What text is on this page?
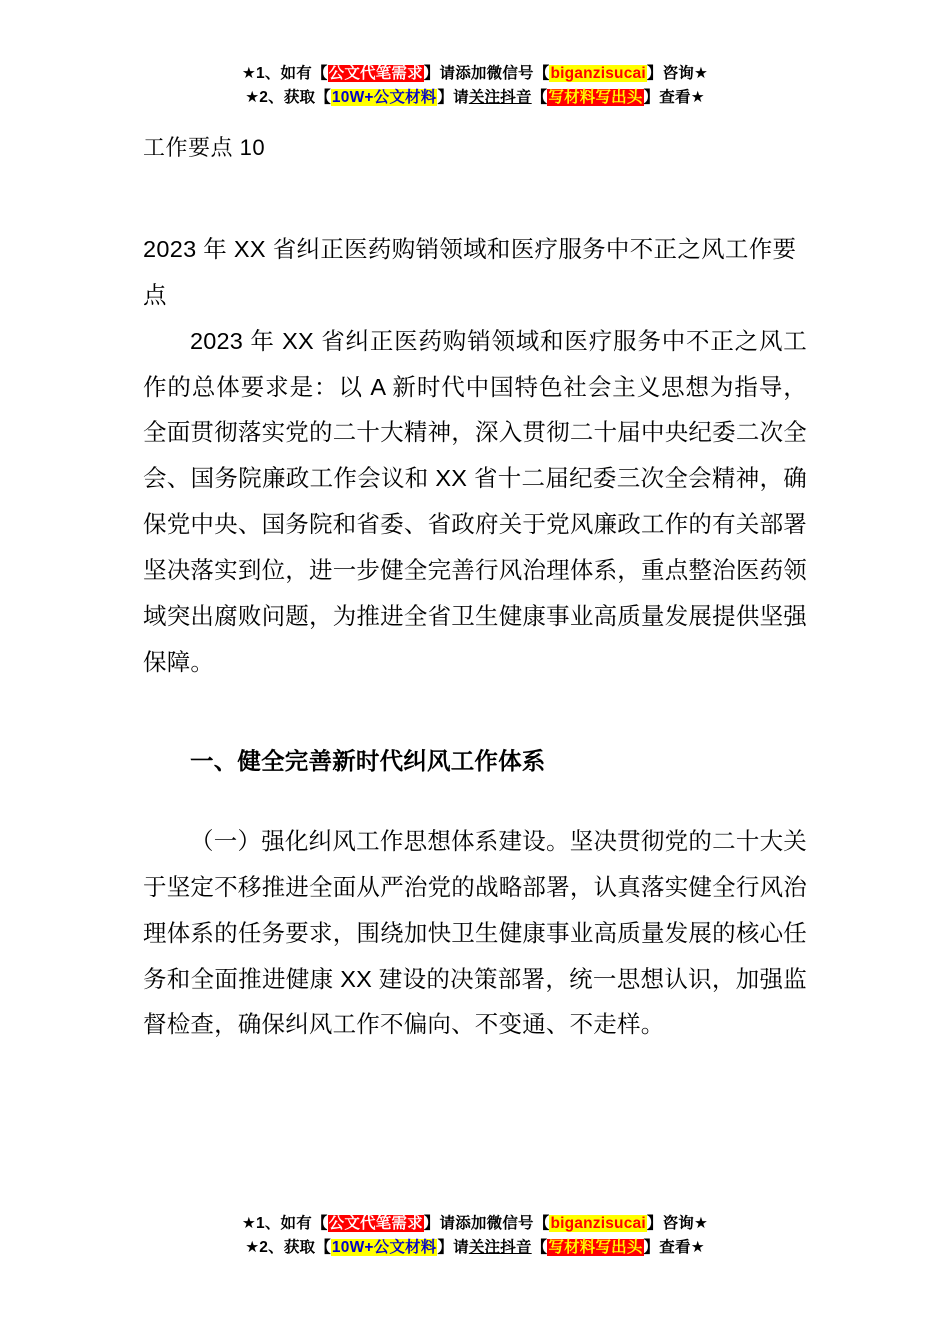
★1、如有【公文代笔需求】请添加微信号【biganzisucai】咨询★
★2、获取【10W+公文材料】请关注抖音【写材料写出头】查看★

工作要点 10

2023 年 XX 省纠正医药购销领域和医疗服务中不正之风工作要点

2023 年 XX 省纠正医药购销领域和医疗服务中不正之风工作的总体要求是：以 A 新时代中国特色社会主义思想为指导，全面贯彻落实党的二十大精神，深入贯彻二十届中央纪委二次全会、国务院廉政工作会议和 XX 省十二届纪委三次全会精神，确保党中央、国务院和省委、省政府关于党风廉政工作的有关部署坚决落实到位，进一步健全完善行风治理体系，重点整治医药领域突出腐败问题，为推进全省卫生健康事业高质量发展提供坚强保障。

一、健全完善新时代纠风工作体系

（一）强化纠风工作思想体系建设。坚决贯彻党的二十大关于坚定不移推进全面从严治党的战略部署，认真落实健全行风治理体系的任务要求，围绕加快卫生健康事业高质量发展的核心任务和全面推进健康 XX 建设的决策部署，统一思想认识，加强监督检查，确保纠风工作不偏向、不变通、不走样。

★1、如有【公文代笔需求】请添加微信号【biganzisucai】咨询★
★2、获取【10W+公文材料】请关注抖音【写材料写出头】查看★
